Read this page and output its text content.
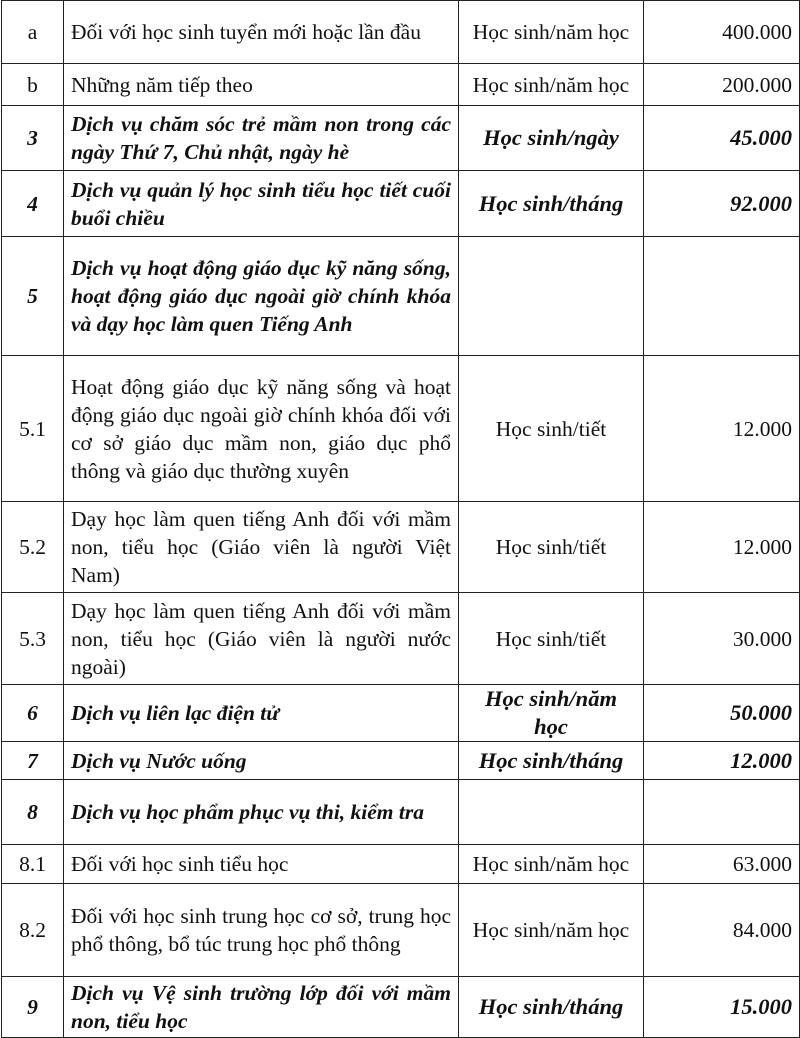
a	Đối với học sinh tuyển mới hoặc lần đầu	Học sinh/năm học	400.000
b	Những năm tiếp theo	Học sinh/năm học	200.000
3	Dịch vụ chăm sóc trẻ mầm non trong các ngày Thứ 7, Chủ nhật, ngày hè	Học sinh/ngày	45.000
4	Dịch vụ quản lý học sinh tiểu học tiết cuối buổi chiều	Học sinh/tháng	92.000
5	Dịch vụ hoạt động giáo dục kỹ năng sống, hoạt động giáo dục ngoài giờ chính khóa và dạy học làm quen Tiếng Anh		
5.1	Hoạt động giáo dục kỹ năng sống và hoạt động giáo dục ngoài giờ chính khóa đối với cơ sở giáo dục mầm non, giáo dục phổ thông và giáo dục thường xuyên	Học sinh/tiết	12.000
5.2	Dạy học làm quen tiếng Anh đối với mầm non, tiểu học (Giáo viên là người Việt Nam)	Học sinh/tiết	12.000
5.3	Dạy học làm quen tiếng Anh đối với mầm non, tiểu học (Giáo viên là người nước ngoài)	Học sinh/tiết	30.000
6	Dịch vụ liên lạc điện tử	Học sinh/năm học	50.000
7	Dịch vụ Nước uống	Học sinh/tháng	12.000
8	Dịch vụ học phẩm phục vụ thi, kiểm tra		
8.1	Đối với học sinh tiểu học	Học sinh/năm học	63.000
8.2	Đối với học sinh trung học cơ sở, trung học phổ thông, bổ túc trung học phổ thông	Học sinh/năm học	84.000
9	Dịch vụ Vệ sinh trường lớp đối với mầm non, tiểu học	Học sinh/tháng	15.000
